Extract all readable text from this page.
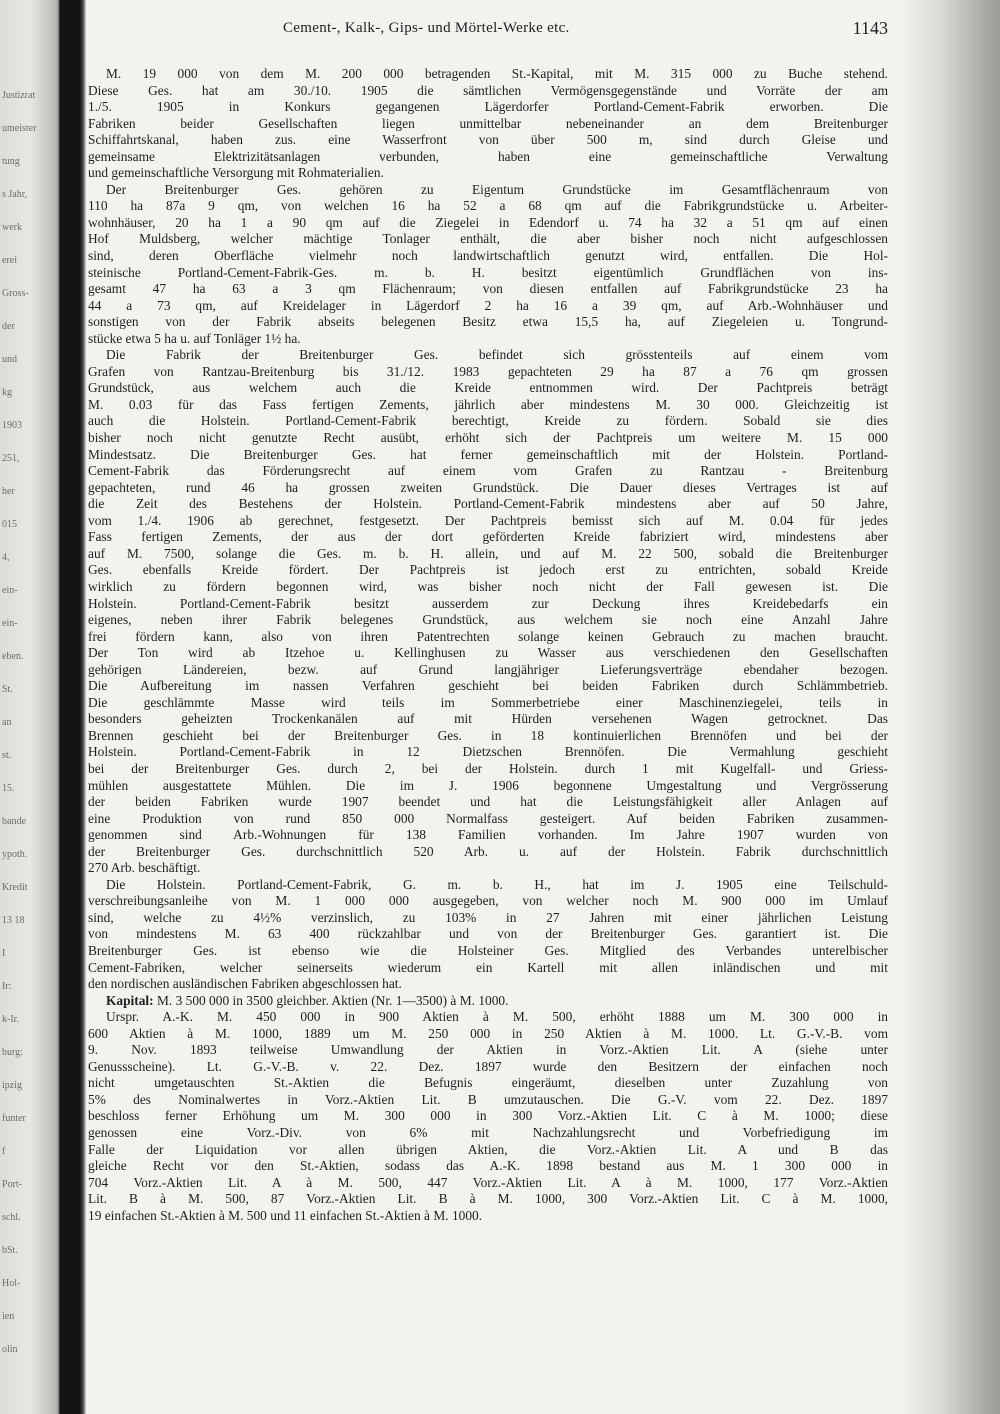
Justizrat
umeister
tung
s Jahr,
werk
erei
Gross-
der
und
kg
1903
251,
her
015
4,
ein-
ein-
eben.
St.
an
st.
15.
bande
ypoth.
Kredit
13 18
I
Ir:
k-Ir.
burg:
ipzig
funter
f
Port-
schl.
bSt.
Hol-
ien
olin
Cement-, Kalk-, Gips- und Mörtel-Werke etc.	1143
M. 19 000 von dem M. 200 000 betragenden St.-Kapital, mit M. 315 000 zu Buche stehend.
Diese Ges. hat am 30./10. 1905 die sämtlichen Vermögensgegenstände und Vorräte der am
1./5. 1905 in Konkurs gegangenen Lägerdorfer Portland-Cement-Fabrik erworben. Die
Fabriken beider Gesellschaften liegen unmittelbar nebeneinander an dem Breitenburger
Schiffahrtskanal, haben zus. eine Wasserfront von über 500 m, sind durch Gleise und
gemeinsame Elektrizitätsanlagen verbunden, haben eine gemeinschaftliche Verwaltung
und gemeinschaftliche Versorgung mit Rohmaterialien.
Der Breitenburger Ges. gehören zu Eigentum Grundstücke im Gesamtflächenraum von
110 ha 87a 9 qm, von welchen 16 ha 52 a 68 qm auf die Fabrikgrundstücke u. Arbeiter-
wohnhäuser, 20 ha 1 a 90 qm auf die Ziegelei in Edendorf u. 74 ha 32 a 51 qm auf einen
Hof Muldsberg, welcher mächtige Tonlager enthält, die aber bisher noch nicht aufgeschlossen
sind, deren Oberfläche vielmehr noch landwirtschaftlich genutzt wird, entfallen. Die Hol-
steinische Portland-Cement-Fabrik-Ges. m. b. H. besitzt eigentümlich Grundflächen von ins-
gesamt 47 ha 63 a 3 qm Flächenraum; von diesen entfallen auf Fabrikgrundstücke 23 ha
44 a 73 qm, auf Kreidelager in Lägerdorf 2 ha 16 a 39 qm, auf Arb.-Wohnhäuser und
sonstigen von der Fabrik abseits belegenen Besitz etwa 15,5 ha, auf Ziegeleien u. Tongrund-
stücke etwa 5 ha u. auf Tonläger 1½ ha.
Die Fabrik der Breitenburger Ges. befindet sich grösstenteils auf einem vom
Grafen von Rantzau-Breitenburg bis 31./12. 1983 gepachteten 29 ha 87 a 76 qm grossen
Grundstück, aus welchem auch die Kreide entnommen wird. Der Pachtpreis beträgt
M. 0.03 für das Fass fertigen Zements, jährlich aber mindestens M. 30 000. Gleichzeitig ist
auch die Holstein. Portland-Cement-Fabrik berechtigt, Kreide zu fördern. Sobald sie dies
bisher noch nicht genutzte Recht ausübt, erhöht sich der Pachtpreis um weitere M. 15 000
Mindestsatz. Die Breitenburger Ges. hat ferner gemeinschaftlich mit der Holstein. Portland-
Cement-Fabrik das Förderungsrecht auf einem vom Grafen zu Rantzau - Breitenburg
gepachteten, rund 46 ha grossen zweiten Grundstück. Die Dauer dieses Vertrages ist auf
die Zeit des Bestehens der Holstein. Portland-Cement-Fabrik mindestens aber auf 50 Jahre,
vom 1./4. 1906 ab gerechnet, festgesetzt. Der Pachtpreis bemisst sich auf M. 0.04 für jedes
Fass fertigen Zements, der aus der dort geförderten Kreide fabriziert wird, mindestens aber
auf M. 7500, solange die Ges. m. b. H. allein, und auf M. 22 500, sobald die Breitenburger
Ges. ebenfalls Kreide fördert. Der Pachtpreis ist jedoch erst zu entrichten, sobald Kreide
wirklich zu fördern begonnen wird, was bisher noch nicht der Fall gewesen ist. Die
Holstein. Portland-Cement-Fabrik besitzt ausserdem zur Deckung ihres Kreidebedarfs ein
eigenes, neben ihrer Fabrik belegenes Grundstück, aus welchem sie noch eine Anzahl Jahre
frei fördern kann, also von ihren Patentrechten solange keinen Gebrauch zu machen braucht.
Der Ton wird ab Itzehoe u. Kellinghusen zu Wasser aus verschiedenen den Gesellschaften
gehörigen Ländereien, bezw. auf Grund langjähriger Lieferungsverträge ebendaher bezogen.
Die Aufbereitung im nassen Verfahren geschieht bei beiden Fabriken durch Schlämmbetrieb.
Die geschlämmte Masse wird teils im Sommerbetriebe einer Maschinenziegelei, teils in
besonders geheizten Trockenkanälen auf mit Hürden versehenen Wagen getrocknet. Das
Brennen geschieht bei der Breitenburger Ges. in 18 kontinuierlichen Brennöfen und bei der
Holstein. Portland-Cement-Fabrik in 12 Dietzschen Brennöfen. Die Vermahlung geschieht
bei der Breitenburger Ges. durch 2, bei der Holstein. durch 1 mit Kugelfall- und Griess-
mühlen ausgestattete Mühlen. Die im J. 1906 begonnene Umgestaltung und Vergrösserung
der beiden Fabriken wurde 1907 beendet und hat die Leistungsfähigkeit aller Anlagen auf
eine Produktion von rund 850 000 Normalfass gesteigert. Auf beiden Fabriken zusammen-
genommen sind Arb.-Wohnungen für 138 Familien vorhanden. Im Jahre 1907 wurden von
der Breitenburger Ges. durchschnittlich 520 Arb. u. auf der Holstein. Fabrik durchschnittlich
270 Arb. beschäftigt.
Die Holstein. Portland-Cement-Fabrik, G. m. b. H., hat im J. 1905 eine Teilschuld-
verschreibungsanleihe von M. 1 000 000 ausgegeben, von welcher noch M. 900 000 im Umlauf
sind, welche zu 4½% verzinslich, zu 103% in 27 Jahren mit einer jährlichen Leistung
von mindestens M. 63 400 rückzahlbar und von der Breitenburger Ges. garantiert ist. Die
Breitenburger Ges. ist ebenso wie die Holsteiner Ges. Mitglied des Verbandes unterelbischer
Cement-Fabriken, welcher seinerseits wiederum ein Kartell mit allen inländischen und mit
den nordischen ausländischen Fabriken abgeschlossen hat.
Kapital: M. 3 500 000 in 3500 gleichber. Aktien (Nr. 1—3500) à M. 1000.
Urspr. A.-K. M. 450 000 in 900 Aktien à M. 500, erhöht 1888 um M. 300 000 in
600 Aktien à M. 1000, 1889 um M. 250 000 in 250 Aktien à M. 1000. Lt. G.-V.-B. vom
9. Nov. 1893 teilweise Umwandlung der Aktien in Vorz.-Aktien Lit. A (siehe unter
Genussscheine). Lt. G.-V.-B. v. 22. Dez. 1897 wurde den Besitzern der einfachen noch
nicht umgetauschten St.-Aktien die Befugnis eingeräumt, dieselben unter Zuzahlung von
5% des Nominalwertes in Vorz.-Aktien Lit. B umzutauschen. Die G.-V. vom 22. Dez. 1897
beschloss ferner Erhöhung um M. 300 000 in 300 Vorz.-Aktien Lit. C à M. 1000; diese
genossen eine Vorz.-Div. von 6% mit Nachzahlungsrecht und Vorbefriedigung im
Falle der Liquidation vor allen übrigen Aktien, die Vorz.-Aktien Lit. A und B das
gleiche Recht vor den St.-Aktien, sodass das A.-K. 1898 bestand aus M. 1 300 000 in
704 Vorz.-Aktien Lit. A à M. 500, 447 Vorz.-Aktien Lit. A à M. 1000, 177 Vorz.-Aktien
Lit. B à M. 500, 87 Vorz.-Aktien Lit. B à M. 1000, 300 Vorz.-Aktien Lit. C à M. 1000,
19 einfachen St.-Aktien à M. 500 und 11 einfachen St.-Aktien à M. 1000.
